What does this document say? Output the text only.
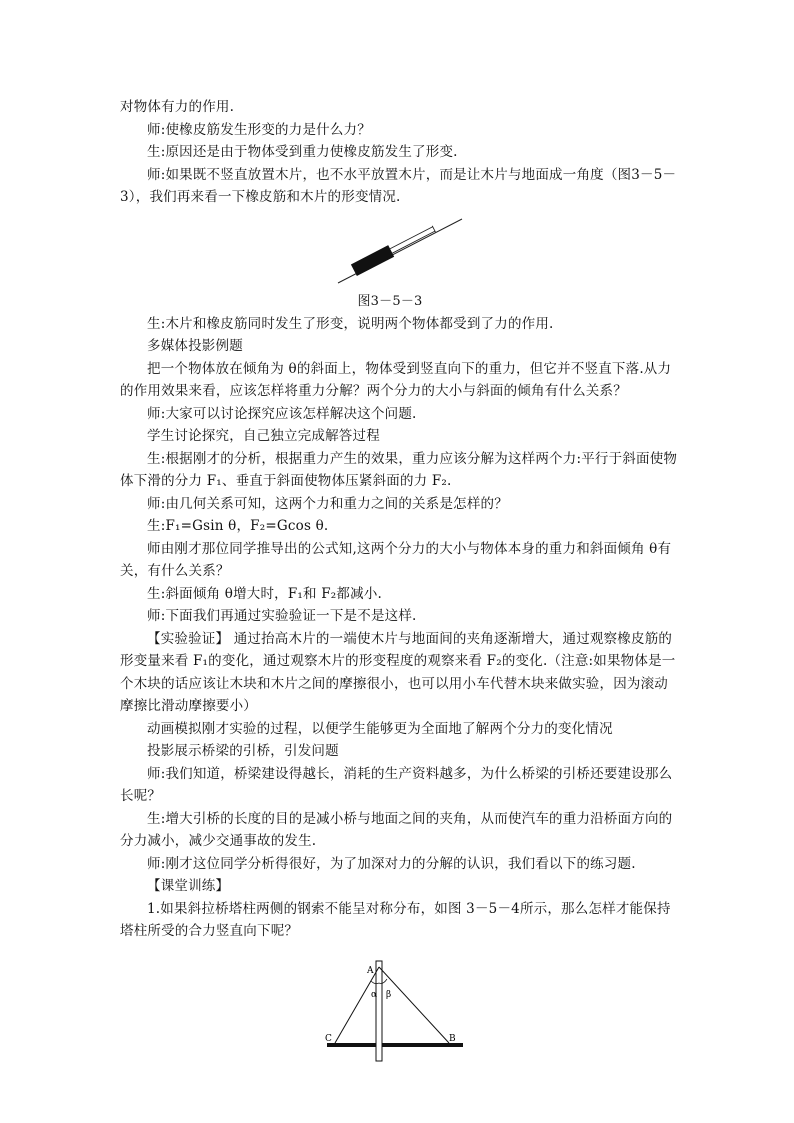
对物体有力的作用.

师:使橡皮筋发生形变的力是什么力？

生:原因还是由于物体受到重力使橡皮筋发生了形变.

师:如果既不竖直放置木片，也不水平放置木片，而是让木片与地面成一角度（图3－5－3），我们再来看一下橡皮筋和木片的形变情况.

图3－5－3

生:木片和橡皮筋同时发生了形变，说明两个物体都受到了力的作用.

多媒体投影例题

把一个物体放在倾角为 θ的斜面上，物体受到竖直向下的重力，但它并不竖直下落.从力的作用效果来看，应该怎样将重力分解？两个分力的大小与斜面的倾角有什么关系？

师:大家可以讨论探究应该怎样解决这个问题.

学生讨论探究，自己独立完成解答过程

生:根据刚才的分析，根据重力产生的效果，重力应该分解为这样两个力:平行于斜面使物体下滑的分力 F₁、垂直于斜面使物体压紧斜面的力 F₂.

师:由几何关系可知，这两个力和重力之间的关系是怎样的？

生:F₁=Gsin θ，F₂=Gcos θ.

师由刚才那位同学推导出的公式知,这两个分力的大小与物体本身的重力和斜面倾角 θ有关，有什么关系？

生:斜面倾角 θ增大时，F₁和 F₂都减小.

师:下面我们再通过实验验证一下是不是这样.

【实验验证】 通过抬高木片的一端使木片与地面间的夹角逐渐增大，通过观察橡皮筋的形变量来看 F₁的变化，通过观察木片的形变程度的观察来看 F₂的变化.（注意:如果物体是一个木块的话应该让木块和木片之间的摩擦很小，也可以用小车代替木块来做实验，因为滚动摩擦比滑动摩擦要小）

动画模拟刚才实验的过程，以便学生能够更为全面地了解两个分力的变化情况

投影展示桥梁的引桥，引发问题

师:我们知道，桥梁建设得越长，消耗的生产资料越多，为什么桥梁的引桥还要建设那么长呢？

生:增大引桥的长度的目的是减小桥与地面之间的夹角，从而使汽车的重力沿桥面方向的分力减小，减少交通事故的发生.

师:刚才这位同学分析得很好，为了加深对力的分解的认识，我们看以下的练习题.

【课堂训练】

1.如果斜拉桥塔柱两侧的钢索不能呈对称分布，如图 3－5－4所示，那么怎样才能保持塔柱所受的合力竖直向下呢？

A
α β
C	B
